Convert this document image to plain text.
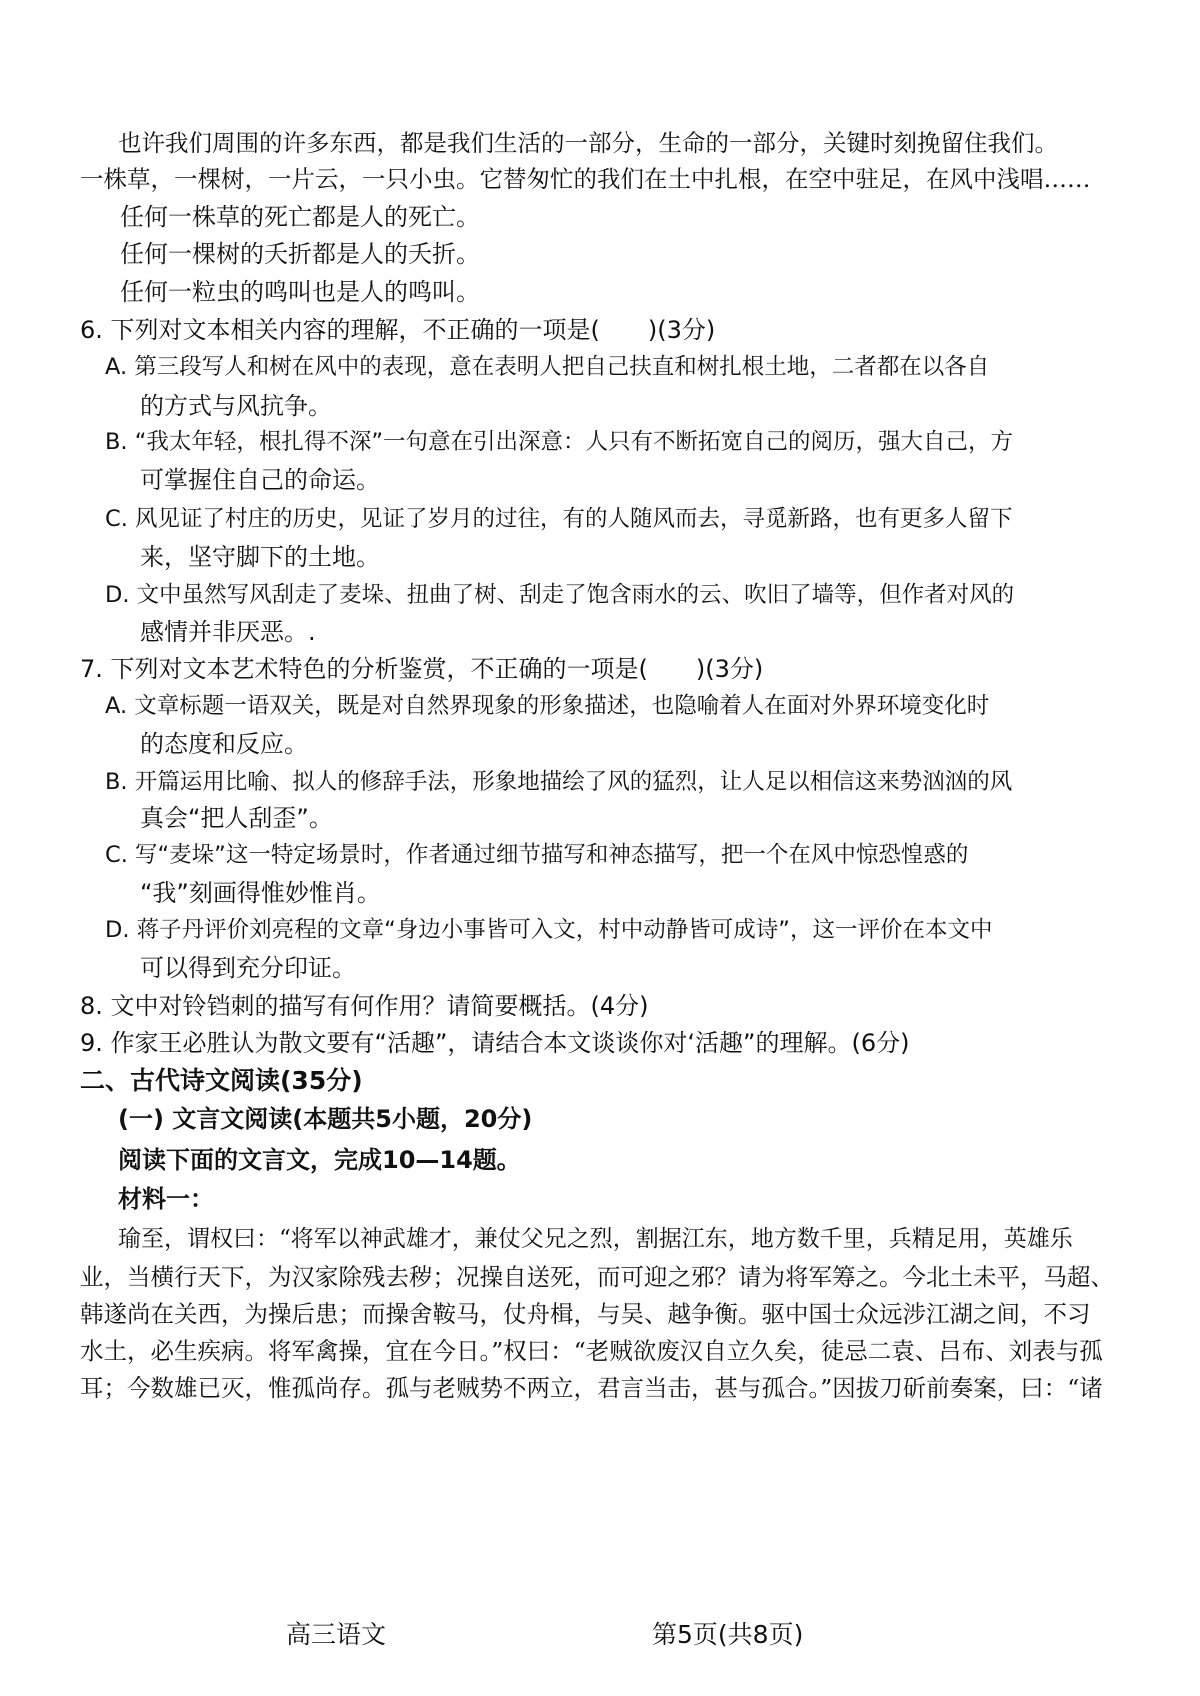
也许我们周围的许多东西，都是我们生活的一部分，生命的一部分，关键时刻挽留住我们。
一株草，一棵树，一片云，一只小虫。它替匆忙的我们在土中扎根，在空中驻足，在风中浅唱……
任何一株草的死亡都是人的死亡。
任何一棵树的夭折都是人的夭折。
任何一粒虫的鸣叫也是人的鸣叫。
6. 下列对文本相关内容的理解，不正确的一项是(　　)(3分)
A. 第三段写人和树在风中的表现，意在表明人把自己扶直和树扎根土地，二者都在以各自
的方式与风抗争。
B. “我太年轻，根扎得不深”一句意在引出深意：人只有不断拓宽自己的阅历，强大自己，方
可掌握住自己的命运。
C. 风见证了村庄的历史，见证了岁月的过往，有的人随风而去，寻觅新路，也有更多人留下
来，坚守脚下的土地。
D. 文中虽然写风刮走了麦垛、扭曲了树、刮走了饱含雨水的云、吹旧了墙等，但作者对风的
感情并非厌恶。.
7. 下列对文本艺术特色的分析鉴赏，不正确的一项是(　　)(3分)
A. 文章标题一语双关，既是对自然界现象的形象描述，也隐喻着人在面对外界环境变化时
的态度和反应。
B. 开篇运用比喻、拟人的修辞手法，形象地描绘了风的猛烈，让人足以相信这来势汹汹的风
真会“把人刮歪”。
C. 写“麦垛”这一特定场景时，作者通过细节描写和神态描写，把一个在风中惊恐惶惑的
“我”刻画得惟妙惟肖。
D. 蒋子丹评价刘亮程的文章“身边小事皆可入文，村中动静皆可成诗”，这一评价在本文中
可以得到充分印证。
8. 文中对铃铛刺的描写有何作用？请简要概括。(4分)
9. 作家王必胜认为散文要有“活趣”，请结合本文谈谈你对‘活趣”的理解。(6分)
二、古代诗文阅读(35分)
(一) 文言文阅读(本题共5小题，20分)
阅读下面的文言文，完成10—14题。
材料一：
瑜至，谓权曰：“将军以神武雄才，兼仗父兄之烈，割据江东，地方数千里，兵精足用，英雄乐
业，当横行天下，为汉家除残去秽；况操自送死，而可迎之邪？请为将军筹之。今北土未平，马超、
韩遂尚在关西，为操后患；而操舍鞍马，仗舟楫，与吴、越争衡。驱中国士众远涉江湖之间，不习
水土，必生疾病。将军禽操，宜在今日。”权曰：“老贼欲废汉自立久矣，徒忌二袁、吕布、刘表与孤
耳；今数雄已灭，惟孤尚存。孤与老贼势不两立，君言当击，甚与孤合。”因拔刀斫前奏案，曰：“诸
高三语文	第5页(共8页)
